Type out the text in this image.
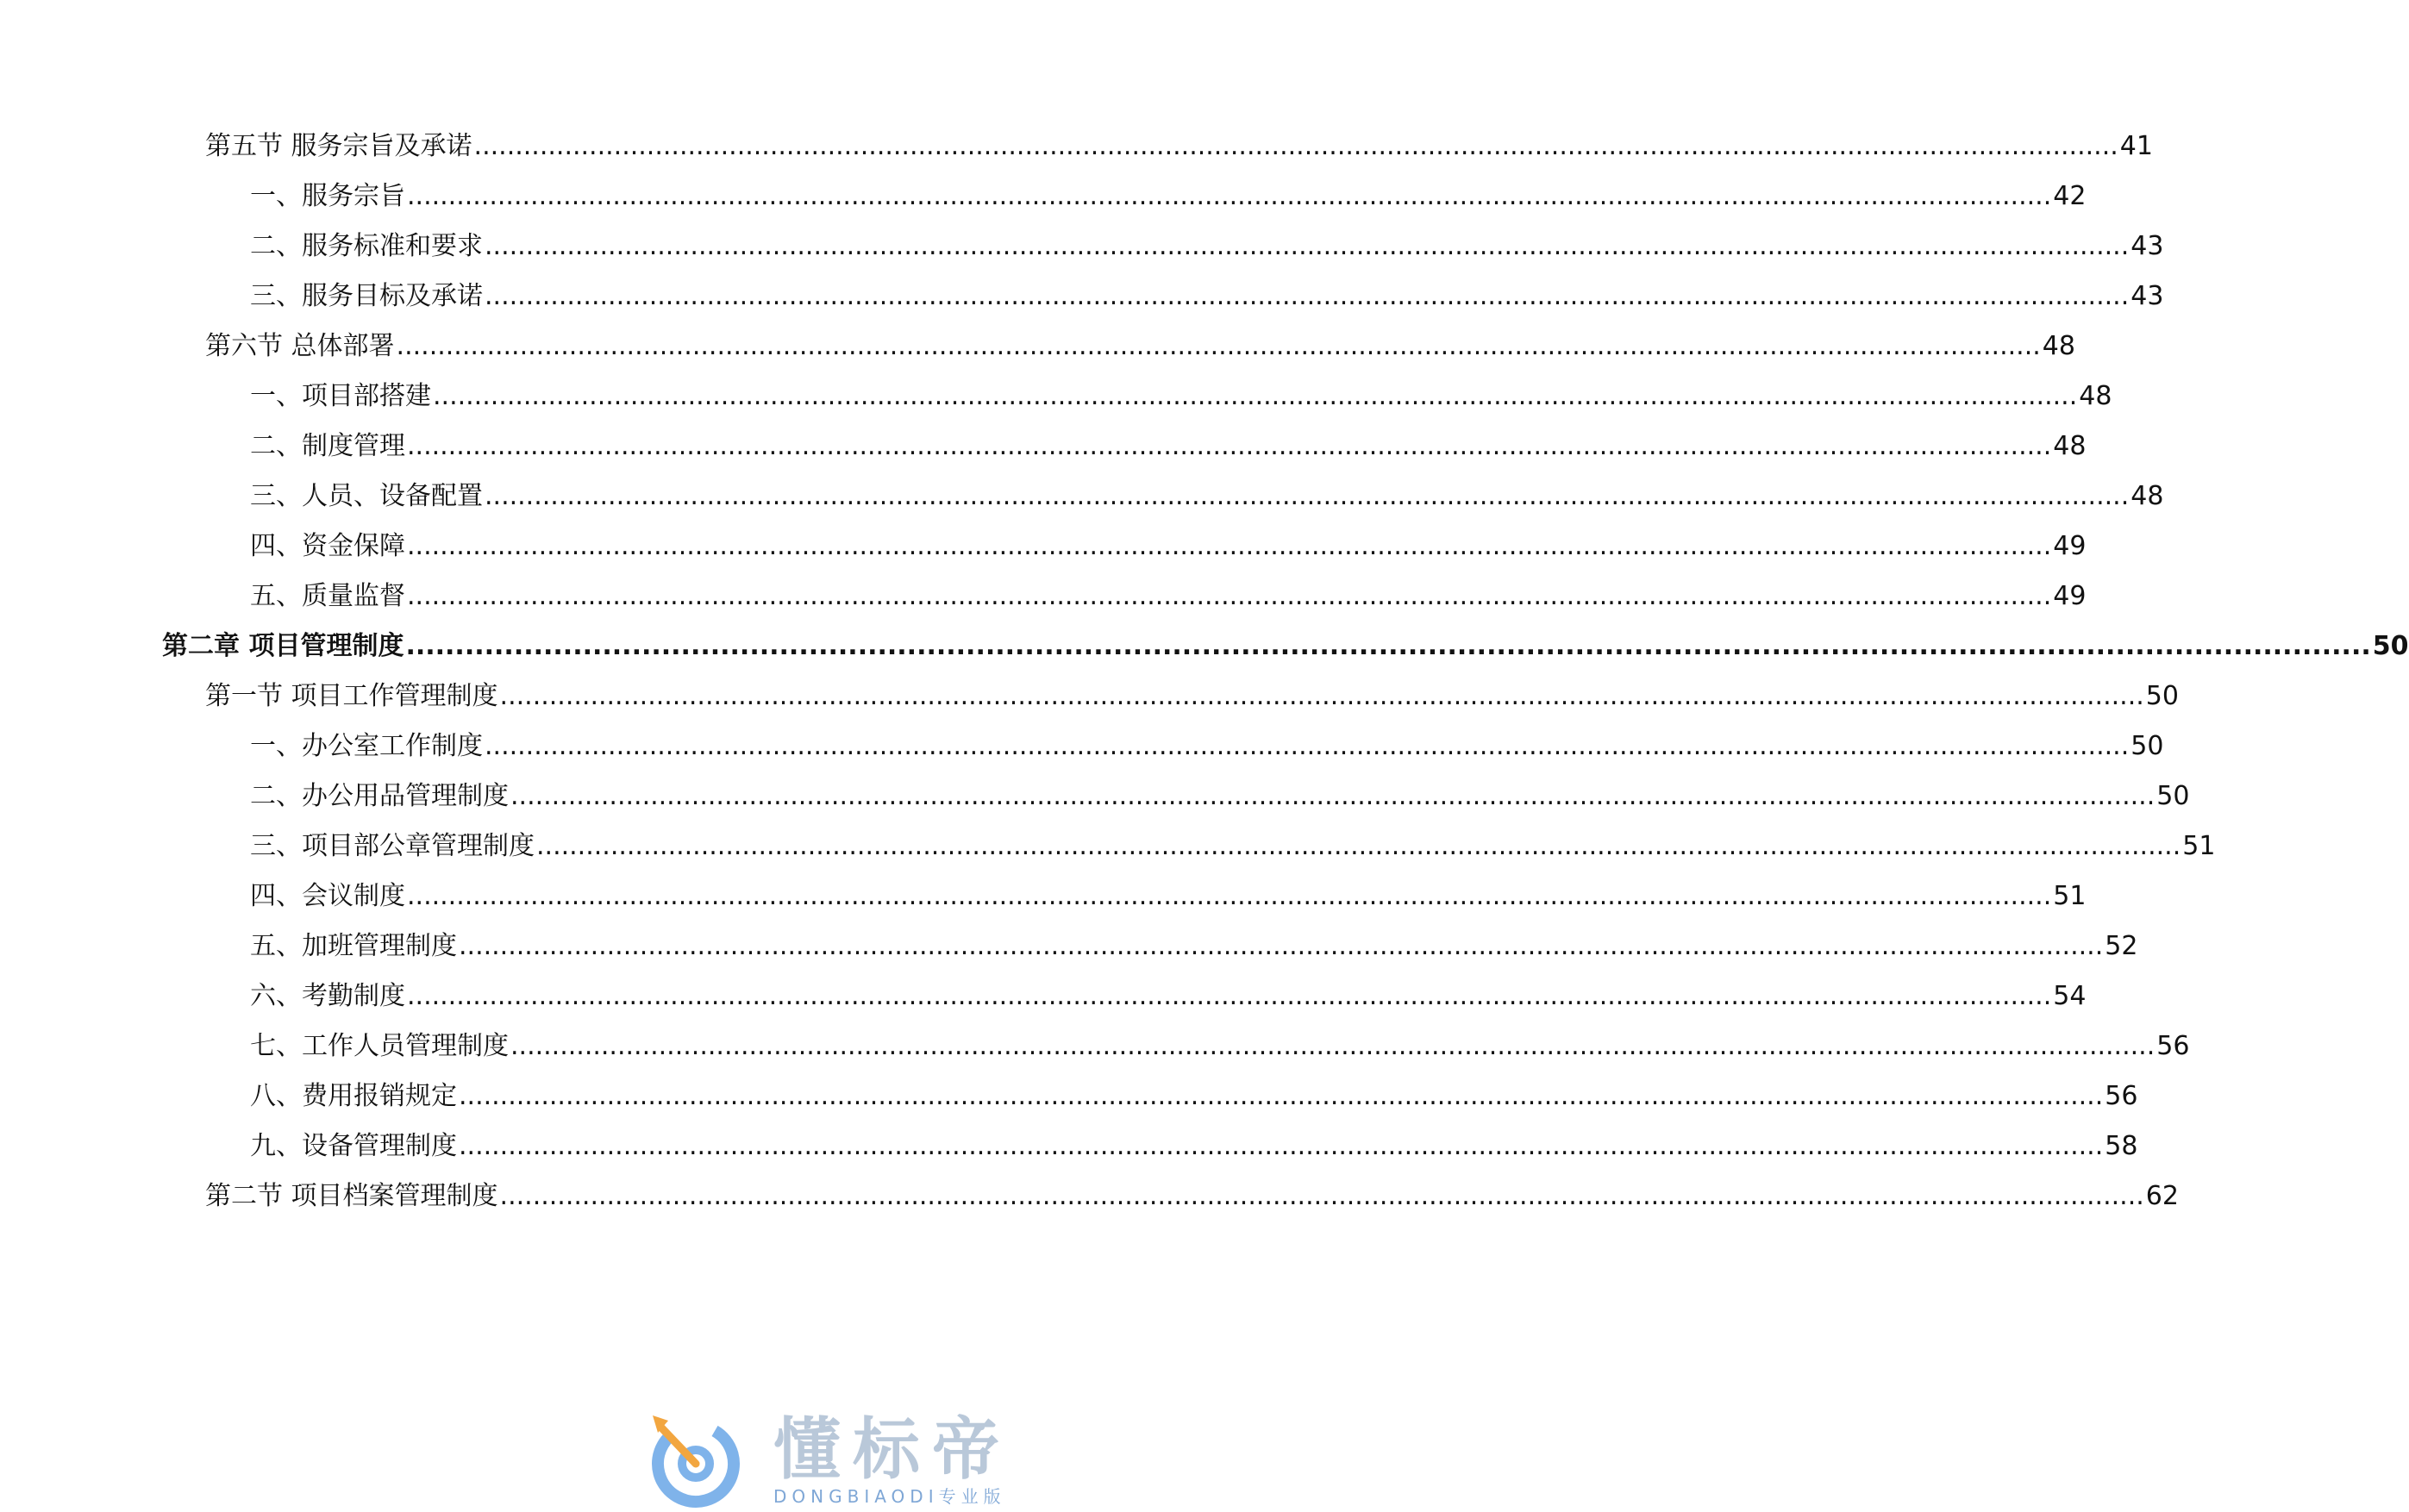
第五节 服务宗旨及承诺 ........................................................................................................................................................................................................ 41
一、服务宗旨 ........................................................................................................................................................................................................ 42
二、服务标准和要求 ........................................................................................................................................................................................................ 43
三、服务目标及承诺 ........................................................................................................................................................................................................ 43
第六节 总体部署 ........................................................................................................................................................................................................ 48
一、项目部搭建 ........................................................................................................................................................................................................ 48
二、制度管理 ........................................................................................................................................................................................................ 48
三、人员、设备配置 ........................................................................................................................................................................................................ 48
四、资金保障 ........................................................................................................................................................................................................ 49
五、质量监督 ........................................................................................................................................................................................................ 49
第二章 项目管理制度 ........................................................................................................................................................................................................ 50
第一节 项目工作管理制度 ........................................................................................................................................................................................................ 50
一、办公室工作制度 ........................................................................................................................................................................................................ 50
二、办公用品管理制度 ........................................................................................................................................................................................................ 50
三、项目部公章管理制度 ........................................................................................................................................................................................................ 51
四、会议制度 ........................................................................................................................................................................................................ 51
五、加班管理制度 ........................................................................................................................................................................................................ 52
六、考勤制度 ........................................................................................................................................................................................................ 54
七、工作人员管理制度 ........................................................................................................................................................................................................ 56
八、费用报销规定 ........................................................................................................................................................................................................ 56
九、设备管理制度 ........................................................................................................................................................................................................ 58
第二节 项目档案管理制度 ........................................................................................................................................................................................................ 62
懂标帝
DONGBIAODI专业版
